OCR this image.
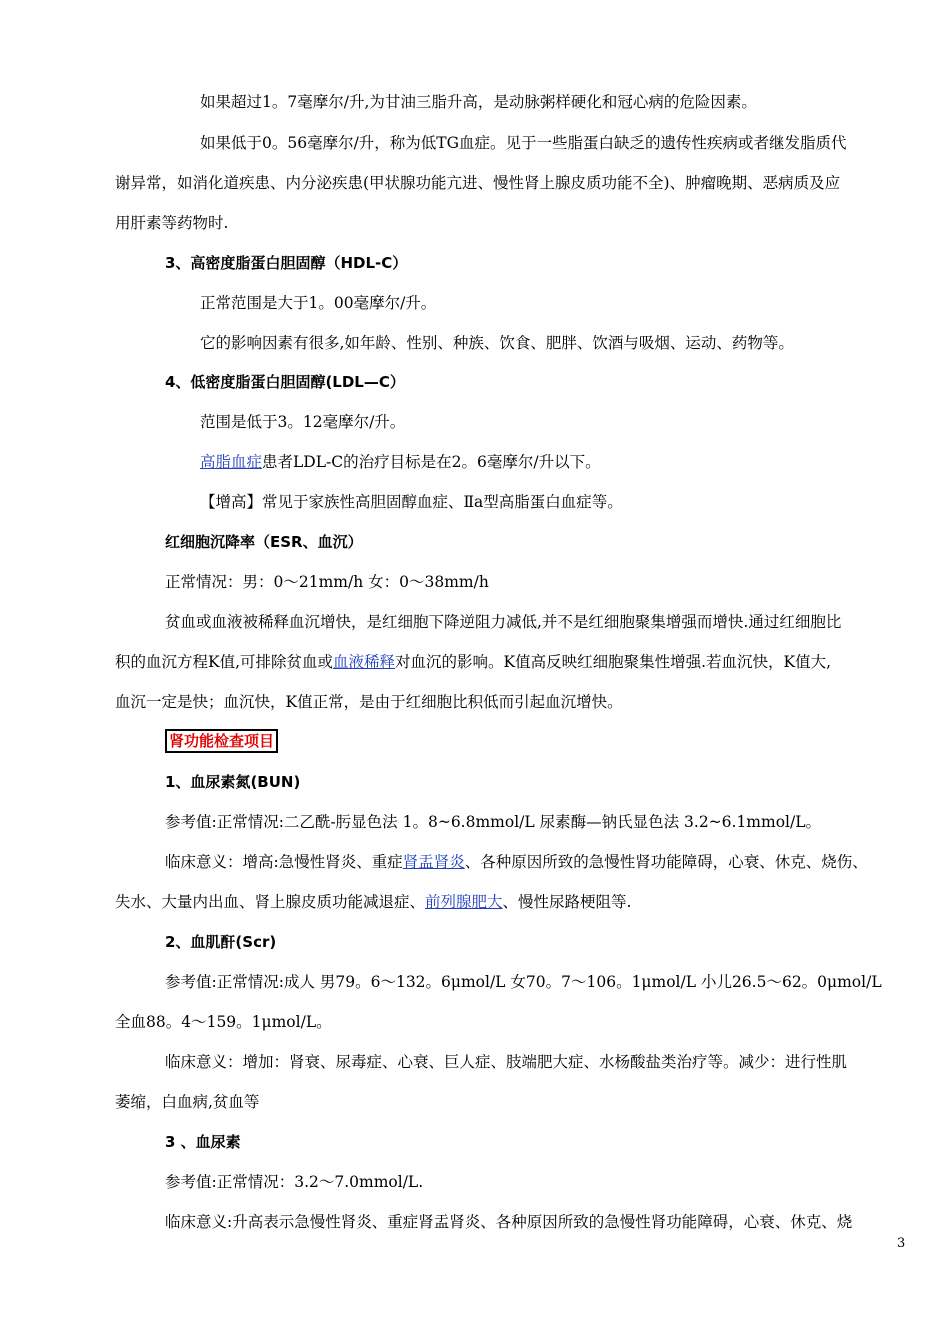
如果超过1。7毫摩尔/升,为甘油三脂升高，是动脉粥样硬化和冠心病的危险因素。
如果低于0。56毫摩尔/升，称为低TG血症。见于一些脂蛋白缺乏的遗传性疾病或者继发脂质代
谢异常，如消化道疾患、内分泌疾患(甲状腺功能亢进、慢性肾上腺皮质功能不全)、肿瘤晚期、恶病质及应
用肝素等药物时.
3、高密度脂蛋白胆固醇（HDL-C）
正常范围是大于1。00毫摩尔/升。
它的影响因素有很多,如年龄、性别、种族、饮食、肥胖、饮酒与吸烟、运动、药物等。
4、低密度脂蛋白胆固醇(LDL—C）
范围是低于3。12毫摩尔/升。
高脂血症患者LDL-C的治疗目标是在2。6毫摩尔/升以下。
【增高】常见于家族性高胆固醇血症、Ⅱa型高脂蛋白血症等。
红细胞沉降率（ESR、血沉）
正常情况：男：0～21mm/h 女：0～38mm/h
贫血或血液被稀释血沉增快，是红细胞下降逆阻力减低,并不是红细胞聚集增强而增快.通过红细胞比
积的血沉方程K值,可排除贫血或血液稀释对血沉的影响。K值高反映红细胞聚集性增强.若血沉快，K值大,
血沉一定是快；血沉快，K值正常，是由于红细胞比积低而引起血沉增快。
肾功能检查项目
1、血尿素氮(BUN)
参考值:正常情况:二乙酰-肟显色法 1。8~6.8mmol/L 尿素酶—钠氏显色法 3.2~6.1mmol/L。
临床意义：增高:急慢性肾炎、重症肾盂肾炎、各种原因所致的急慢性肾功能障碍，心衰、休克、烧伤、
失水、大量内出血、肾上腺皮质功能减退症、前列腺肥大、慢性尿路梗阻等.
2、血肌酐(Scr)
参考值:正常情况:成人 男79。6～132。6μmol/L 女70。7～106。1μmol/L 小儿26.5～62。0μmol/L
全血88。4～159。1μmol/L。
临床意义：增加：肾衰、尿毒症、心衰、巨人症、肢端肥大症、水杨酸盐类治疗等。减少：进行性肌
萎缩，白血病,贫血等
3 、血尿素
参考值:正常情况：3.2～7.0mmol/L.
临床意义:升高表示急慢性肾炎、重症肾盂肾炎、各种原因所致的急慢性肾功能障碍，心衰、休克、烧
3
